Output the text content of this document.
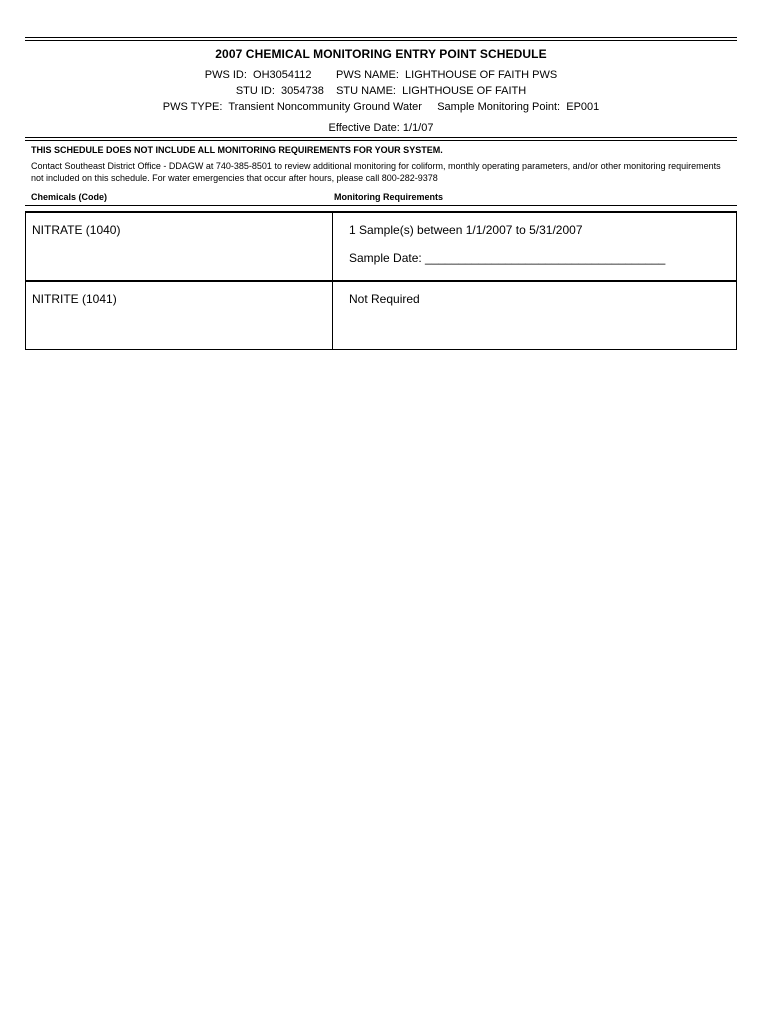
2007 CHEMICAL MONITORING ENTRY POINT SCHEDULE
PWS ID:  OH3054112        PWS NAME:  LIGHTHOUSE OF FAITH PWS
STU ID:  3054738    STU NAME:  LIGHTHOUSE OF FAITH
PWS TYPE:  Transient Noncommunity Ground Water     Sample Monitoring Point:  EP001
Effective Date: 1/1/07
THIS SCHEDULE DOES NOT INCLUDE ALL MONITORING REQUIREMENTS FOR YOUR SYSTEM.
Contact Southeast District Office - DDAGW at 740-385-8501 to review additional monitoring for coliform, monthly operating parameters, and/or other monitoring requirements not included on this schedule. For water emergencies that occur after hours, please call 800-282-9378
Chemicals (Code)	Monitoring Requirements
NITRATE (1040)	1 Sample(s) between 1/1/2007 to 5/31/2007
Sample Date: ____________________________________
NITRITE (1041)	Not Required
